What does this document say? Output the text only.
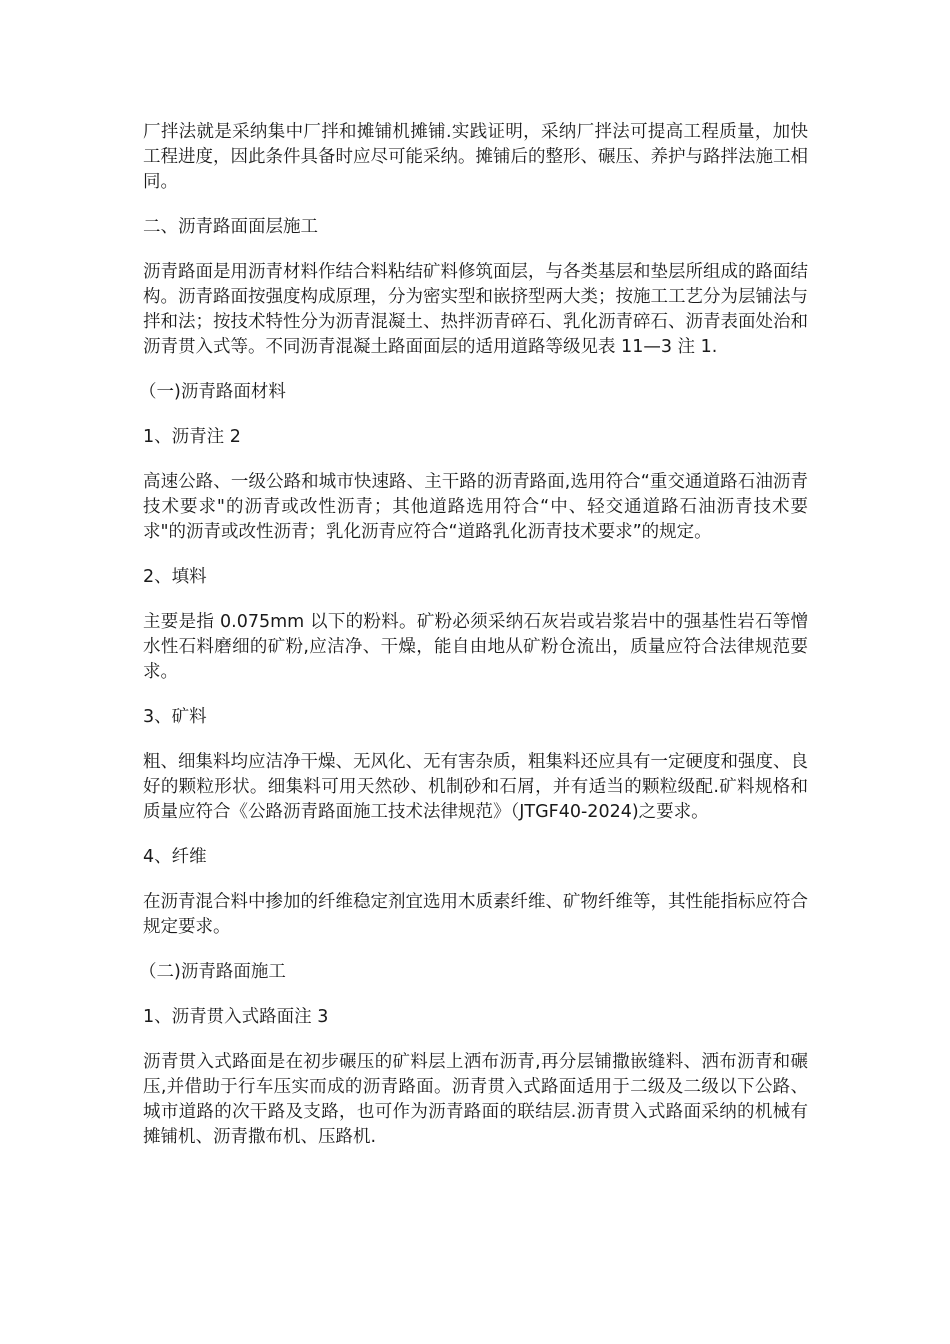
厂拌法就是采纳集中厂拌和摊铺机摊铺.实践证明，采纳厂拌法可提高工程质量，加快工程进度，因此条件具备时应尽可能采纳。摊铺后的整形、碾压、养护与路拌法施工相同。

二、沥青路面面层施工

沥青路面是用沥青材料作结合料粘结矿料修筑面层，与各类基层和垫层所组成的路面结构。沥青路面按强度构成原理，分为密实型和嵌挤型两大类；按施工工艺分为层铺法与拌和法；按技术特性分为沥青混凝土、热拌沥青碎石、乳化沥青碎石、沥青表面处治和沥青贯入式等。不同沥青混凝土路面面层的适用道路等级见表 11—3 注 1.

（一)沥青路面材料

1、沥青注 2

高速公路、一级公路和城市快速路、主干路的沥青路面,选用符合“重交通道路石油沥青技术要求"的沥青或改性沥青；其他道路选用符合“中、轻交通道路石油沥青技术要求"的沥青或改性沥青；乳化沥青应符合“道路乳化沥青技术要求”的规定。

2、填料

主要是指 0.075mm 以下的粉料。矿粉必须采纳石灰岩或岩浆岩中的强基性岩石等憎水性石料磨细的矿粉,应洁净、干燥，能自由地从矿粉仓流出，质量应符合法律规范要求。

3、矿料

粗、细集料均应洁净干燥、无风化、无有害杂质，粗集料还应具有一定硬度和强度、良好的颗粒形状。细集料可用天然砂、机制砂和石屑，并有适当的颗粒级配.矿料规格和质量应符合《公路沥青路面施工技术法律规范》（JTGF40-2024)之要求。

4、纤维

在沥青混合料中掺加的纤维稳定剂宜选用木质素纤维、矿物纤维等，其性能指标应符合规定要求。

（二)沥青路面施工

1、沥青贯入式路面注 3

沥青贯入式路面是在初步碾压的矿料层上洒布沥青,再分层铺撒嵌缝料、洒布沥青和碾压,并借助于行车压实而成的沥青路面。沥青贯入式路面适用于二级及二级以下公路、城市道路的次干路及支路，也可作为沥青路面的联结层.沥青贯入式路面采纳的机械有摊铺机、沥青撒布机、压路机.
